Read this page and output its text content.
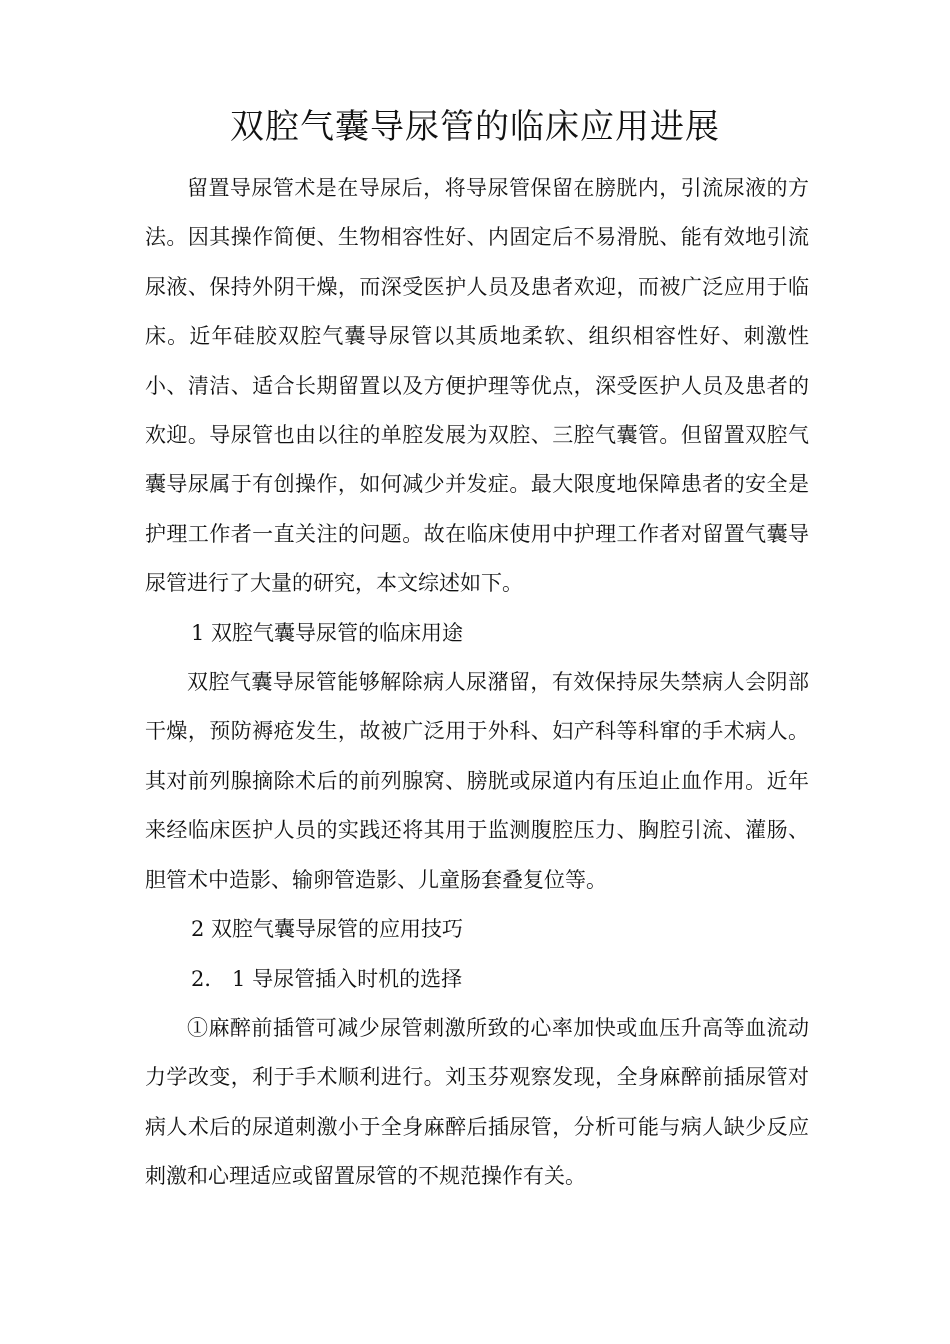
双腔气囊导尿管的临床应用进展

留置导尿管术是在导尿后，将导尿管保留在膀胱内，引流尿液的方法。因其操作简便、生物相容性好、内固定后不易滑脱、能有效地引流尿液、保持外阴干燥，而深受医护人员及患者欢迎，而被广泛应用于临床。近年硅胶双腔气囊导尿管以其质地柔软、组织相容性好、刺激性小、清洁、适合长期留置以及方便护理等优点，深受医护人员及患者的欢迎。导尿管也由以往的单腔发展为双腔、三腔气囊管。但留置双腔气囊导尿属于有创操作，如何减少并发症。最大限度地保障患者的安全是护理工作者一直关注的问题。故在临床使用中护理工作者对留置气囊导尿管进行了大量的研究，本文综述如下。

1 双腔气囊导尿管的临床用途

双腔气囊导尿管能够解除病人尿潴留，有效保持尿失禁病人会阴部干燥，预防褥疮发生，故被广泛用于外科、妇产科等科窜的手术病人。其对前列腺摘除术后的前列腺窝、膀胱或尿道内有压迫止血作用。近年来经临床医护人员的实践还将其用于监测腹腔压力、胸腔引流、灌肠、胆管术中造影、输卵管造影、儿童肠套叠复位等。

2 双腔气囊导尿管的应用技巧

2． 1 导尿管插入时机的选择

①麻醉前插管可减少尿管刺激所致的心率加快或血压升高等血流动力学改变，利于手术顺利进行。刘玉芬观察发现，全身麻醉前插尿管对病人术后的尿道刺激小于全身麻醉后插尿管，分析可能与病人缺少反应刺激和心理适应或留置尿管的不规范操作有关。
